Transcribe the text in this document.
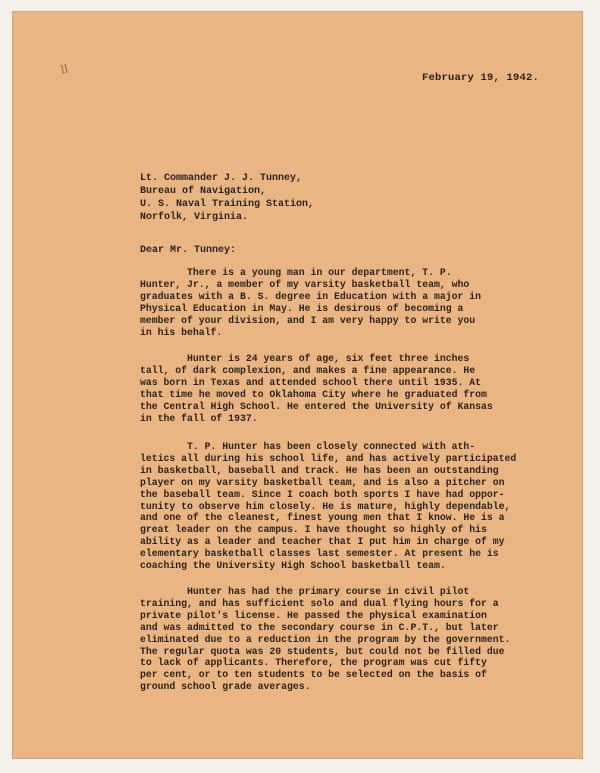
ll
February 19, 1942.
Lt. Commander J. J. Tunney,
Bureau of Navigation,
U. S. Naval Training Station,
Norfolk, Virginia.
Dear Mr. Tunney:
There is a young man in our department, T. P.
Hunter, Jr., a member of my varsity basketball team, who
graduates with a B. S. degree in Education with a major in
Physical Education in May. He is desirous of becoming a
member of your division, and I am very happy to write you
in his behalf.
Hunter is 24 years of age, six feet three inches
tall, of dark complexion, and makes a fine appearance. He
was born in Texas and attended school there until 1935. At
that time he moved to Oklahoma City where he graduated from
the Central High School. He entered the University of Kansas
in the fall of 1937.
T. P. Hunter has been closely connected with ath-
letics all during his school life, and has actively participated
in basketball, baseball and track. He has been an outstanding
player on my varsity basketball team, and is also a pitcher on
the baseball team. Since I coach both sports I have had oppor-
tunity to observe him closely. He is mature, highly dependable,
and one of the cleanest, finest young men that I know. He is a
great leader on the campus. I have thought so highly of his
ability as a leader and teacher that I put him in charge of my
elementary basketball classes last semester. At present he is
coaching the University High School basketball team.
Hunter has had the primary course in civil pilot
training, and has sufficient solo and dual flying hours for a
private pilot's license. He passed the physical examination
and was admitted to the secondary course in C.P.T., but later
eliminated due to a reduction in the program by the government.
The regular quota was 20 students, but could not be filled due
to lack of applicants. Therefore, the program was cut fifty
per cent, or to ten students to be selected on the basis of
ground school grade averages.
